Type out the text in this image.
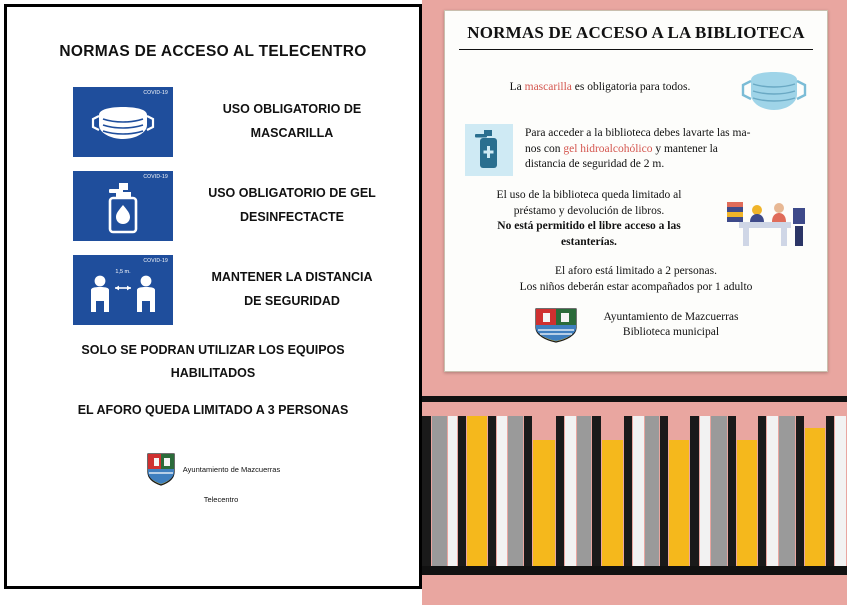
NORMAS DE ACCESO AL TELECENTRO
COVID-19
USO OBLIGATORIO DE
MASCARILLA
COVID-19
USO OBLIGATORIO DE GEL
DESINFECTACTE
COVID-19
1,5 m.	MANTENER LA DISTANCIA
DE SEGURIDAD
SOLO SE PODRAN UTILIZAR LOS EQUIPOS
HABILITADOS
EL AFORO QUEDA LIMITADO A 3 PERSONAS
Ayuntamiento de Mazcuerras
Telecentro
NORMAS DE ACCESO A LA BIBLIOTECA
La mascarilla es obligatoria para todos.
Para acceder a la biblioteca debes lavarte las ma-
nos con gel hidroalcohólico y mantener la
distancia de seguridad de 2 m.
El uso de la biblioteca queda limitado al
préstamo y devolución de libros.
No está permitido el libre acceso a las
estanterías.
El aforo está limitado a 2 personas.
Los niños deberán estar acompañados por 1 adulto
Ayuntamiento de Mazcuerras
Biblioteca municipal
